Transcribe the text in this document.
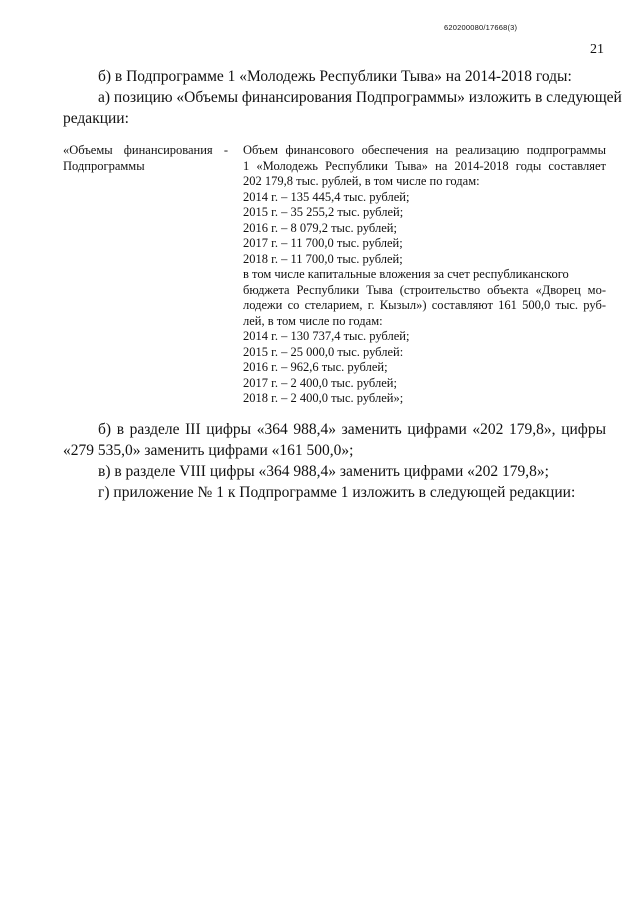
620200080/17668(3)
21
б) в Подпрограмме 1 «Молодежь Республики Тыва» на 2014-2018 годы:
а) позицию «Объемы финансирования Подпрограммы» изложить в следующей
редакции:
«Объемы финансирования -
Подпрограммы
Объем финансового обеспечения на реализацию подпрограммы
1 «Молодежь Республики Тыва» на 2014-2018 годы составляет
202 179,8 тыс. рублей, в том числе по годам:
2014 г. – 135 445,4 тыс. рублей;
2015 г. – 35 255,2 тыс. рублей;
2016 г. – 8 079,2 тыс. рублей;
2017 г. – 11 700,0 тыс. рублей;
2018 г. – 11 700,0 тыс. рублей;
в том числе капитальные вложения за счет республиканского
бюджета Республики Тыва (строительство объекта «Дворец мо-
лодежи со стеларием, г. Кызыл») составляют 161 500,0 тыс. руб-
лей, в том числе по годам:
2014 г. – 130 737,4 тыс. рублей;
2015 г. – 25 000,0 тыс. рублей:
2016 г. – 962,6 тыс. рублей;
2017 г. – 2 400,0 тыс. рублей;
2018 г. – 2 400,0 тыс. рублей»;
б) в разделе III цифры «364 988,4» заменить цифрами «202 179,8», цифры
«279 535,0» заменить цифрами «161 500,0»;
в) в разделе VIII цифры «364 988,4» заменить цифрами «202 179,8»;
г) приложение № 1 к Подпрограмме 1 изложить в следующей редакции:
